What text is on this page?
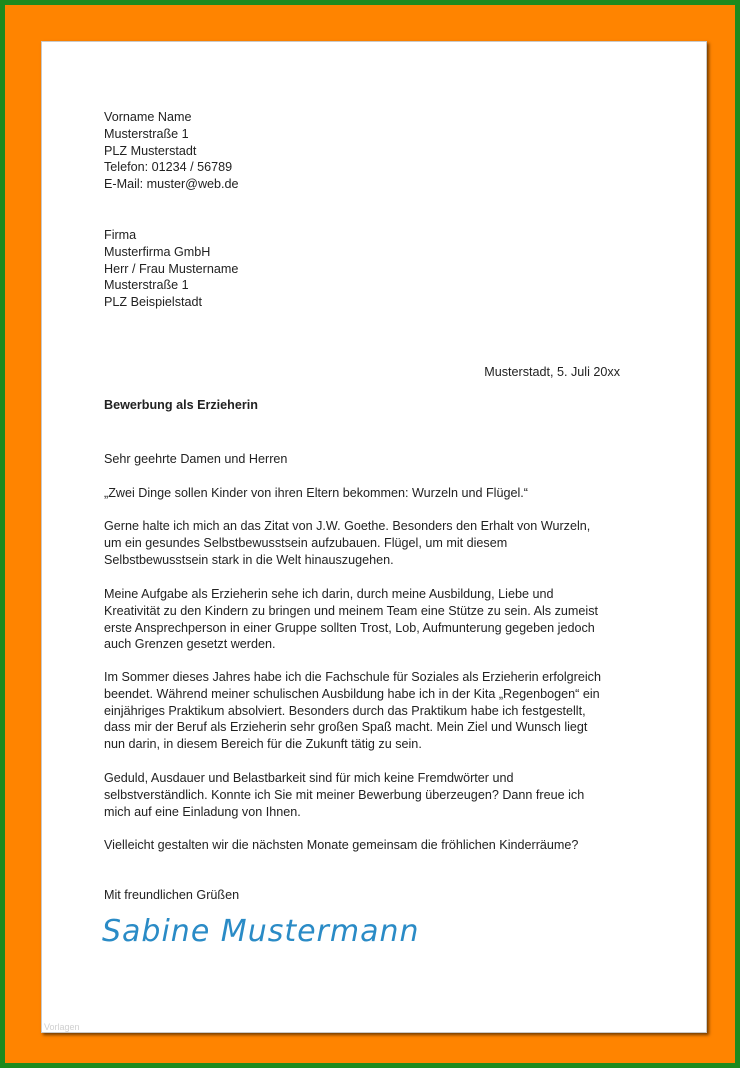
Vorname Name
Musterstraße 1
PLZ Musterstadt
Telefon: 01234 / 56789
E-Mail: muster@web.de
Firma
Musterfirma GmbH
Herr / Frau Mustername
Musterstraße 1
PLZ Beispielstadt
Musterstadt, 5. Juli 20xx
Bewerbung als Erzieherin
Sehr geehrte Damen und Herren
„Zwei Dinge sollen Kinder von ihren Eltern bekommen: Wurzeln und Flügel.“
Gerne halte ich mich an das Zitat von J.W. Goethe. Besonders den Erhalt von Wurzeln,
um ein gesundes Selbstbewusstsein aufzubauen. Flügel, um mit diesem
Selbstbewusstsein stark in die Welt hinauszugehen.
Meine Aufgabe als Erzieherin sehe ich darin, durch meine Ausbildung, Liebe und
Kreativität zu den Kindern zu bringen und meinem Team eine Stütze zu sein. Als zumeist
erste Ansprechperson in einer Gruppe sollten Trost, Lob, Aufmunterung gegeben jedoch
auch Grenzen gesetzt werden.
Im Sommer dieses Jahres habe ich die Fachschule für Soziales als Erzieherin erfolgreich
beendet. Während meiner schulischen Ausbildung habe ich in der Kita „Regenbogen“ ein
einjähriges Praktikum absolviert. Besonders durch das Praktikum habe ich festgestellt,
dass mir der Beruf als Erzieherin sehr großen Spaß macht. Mein Ziel und Wunsch liegt
nun darin, in diesem Bereich für die Zukunft tätig zu sein.
Geduld, Ausdauer und Belastbarkeit sind für mich keine Fremdwörter und
selbstverständlich. Konnte ich Sie mit meiner Bewerbung überzeugen? Dann freue ich
mich auf eine Einladung von Ihnen.
Vielleicht gestalten wir die nächsten Monate gemeinsam die fröhlichen Kinderräume?
Mit freundlichen Grüßen
Sabine Mustermann
Vorlagen
